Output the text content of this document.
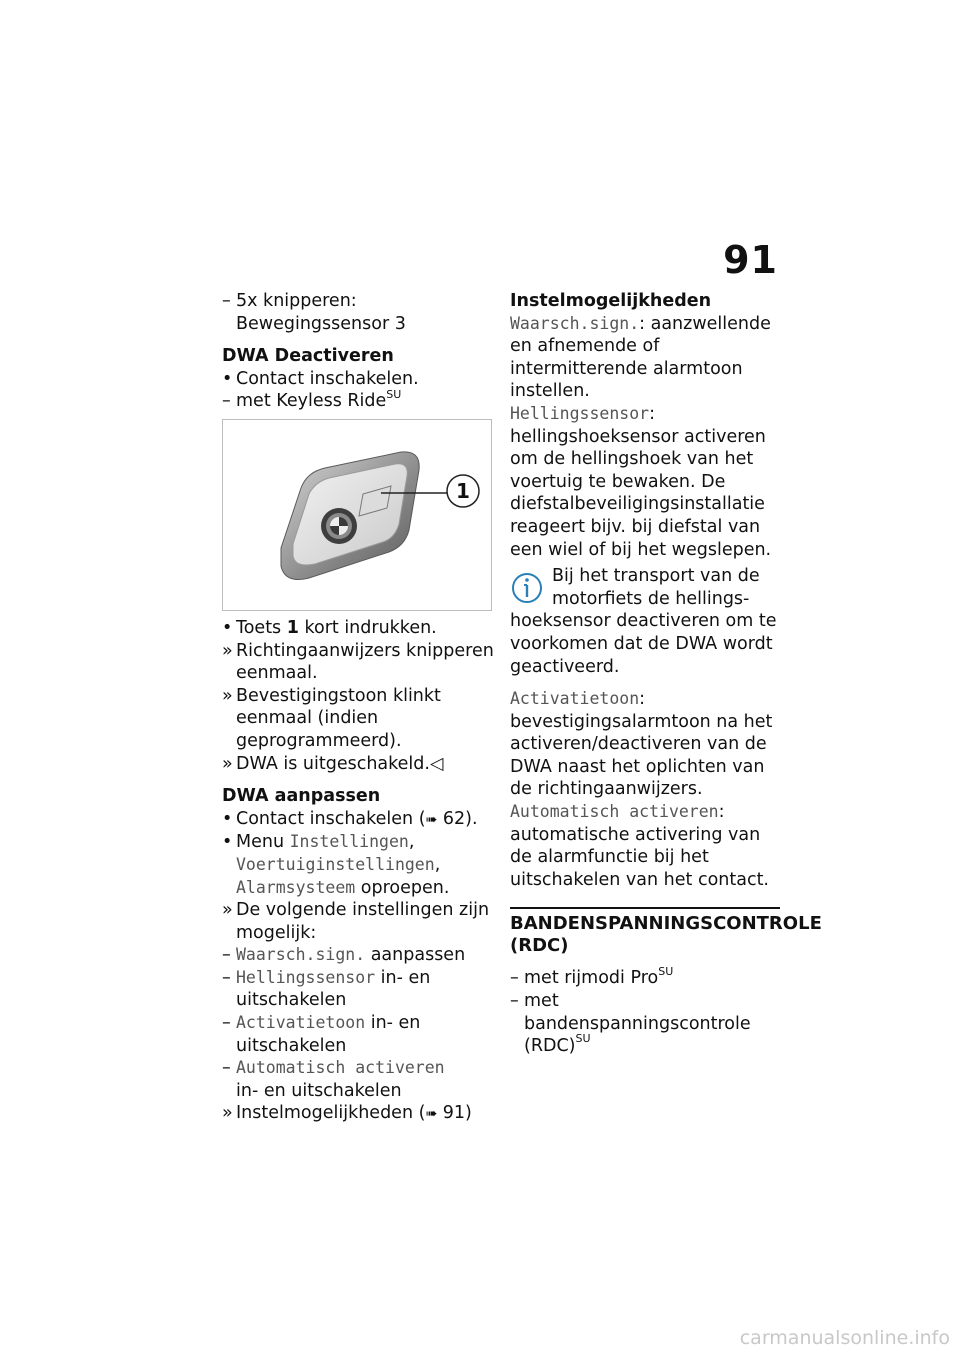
91
– 5x knipperen: Bewegingssensor 3
DWA Deactiveren
• Contact inschakelen.
– met Keyless Ride$^{SU}$
1
• Toets 1 kort indrukken.
» Richtingaanwijzers knipperen eenmaal.
» Bevestigingstoon klinkt eenmaal (indien geprogrammeerd).
» DWA is uitgeschakeld.◁
DWA aanpassen
• Contact inschakelen (➠ 62).
• Menu Instellingen,
Voertuiginstellingen,
Alarmsysteem oproepen.
» De volgende instellingen zijn mogelijk:
– Waarsch.sign. aanpassen
– Hellingssensor in- en uitschakelen
– Activatietoon in- en uitschakelen
– Automatisch activeren
in- en uitschakelen
» Instelmogelijkheden (➠ 91)
Instelmogelijkheden
Waarsch.sign.: aanzwellende en afnemende of intermitterende alarmtoon instellen.
Hellingssensor: hellingshoeksensor activeren om de hellingshoek van het voertuig te bewaken. De diefstalbeveiligingsinstallatie reageert bijv. bij diefstal van een wiel of bij het wegslepen.
Bij het transport van de
motorfiets de hellings-
hoeksensor deactiveren om te voorkomen dat de DWA wordt geactiveerd.
Activatietoon: bevestigingsalarmtoon na het activeren/deactiveren van de DWA naast het oplichten van de richtingaanwijzers.
Automatisch activeren:
automatische activering van de alarmfunctie bij het uitschakelen van het contact.
BANDENSPANNINGSCONTROLE (RDC)
– met rijmodi Pro$^{SU}$
– met bandenspanningscontrole (RDC)$^{SU}$
carmanualsonline.info
